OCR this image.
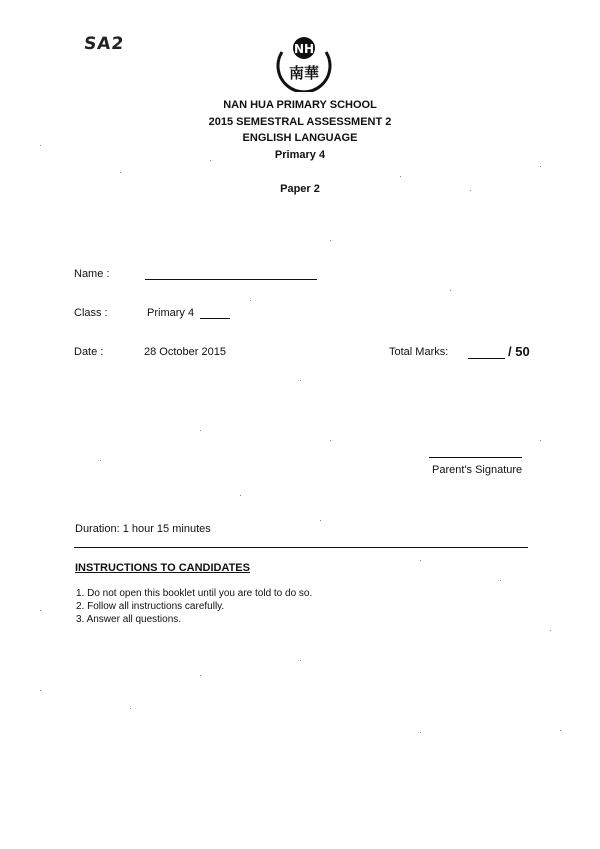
SA2	NH
南華
NAN HUA PRIMARY SCHOOL
2015 SEMESTRAL ASSESSMENT 2
ENGLISH LANGUAGE
Primary 4
Paper 2
Name :
Class :	Primary 4
Date :	28 October 2015	Total Marks:	/ 50
Parent's Signature
Duration: 1 hour 15 minutes
INSTRUCTIONS TO CANDIDATES
1. Do not open this booklet until you are told to do so.
2. Follow all instructions carefully.
3. Answer all questions.
